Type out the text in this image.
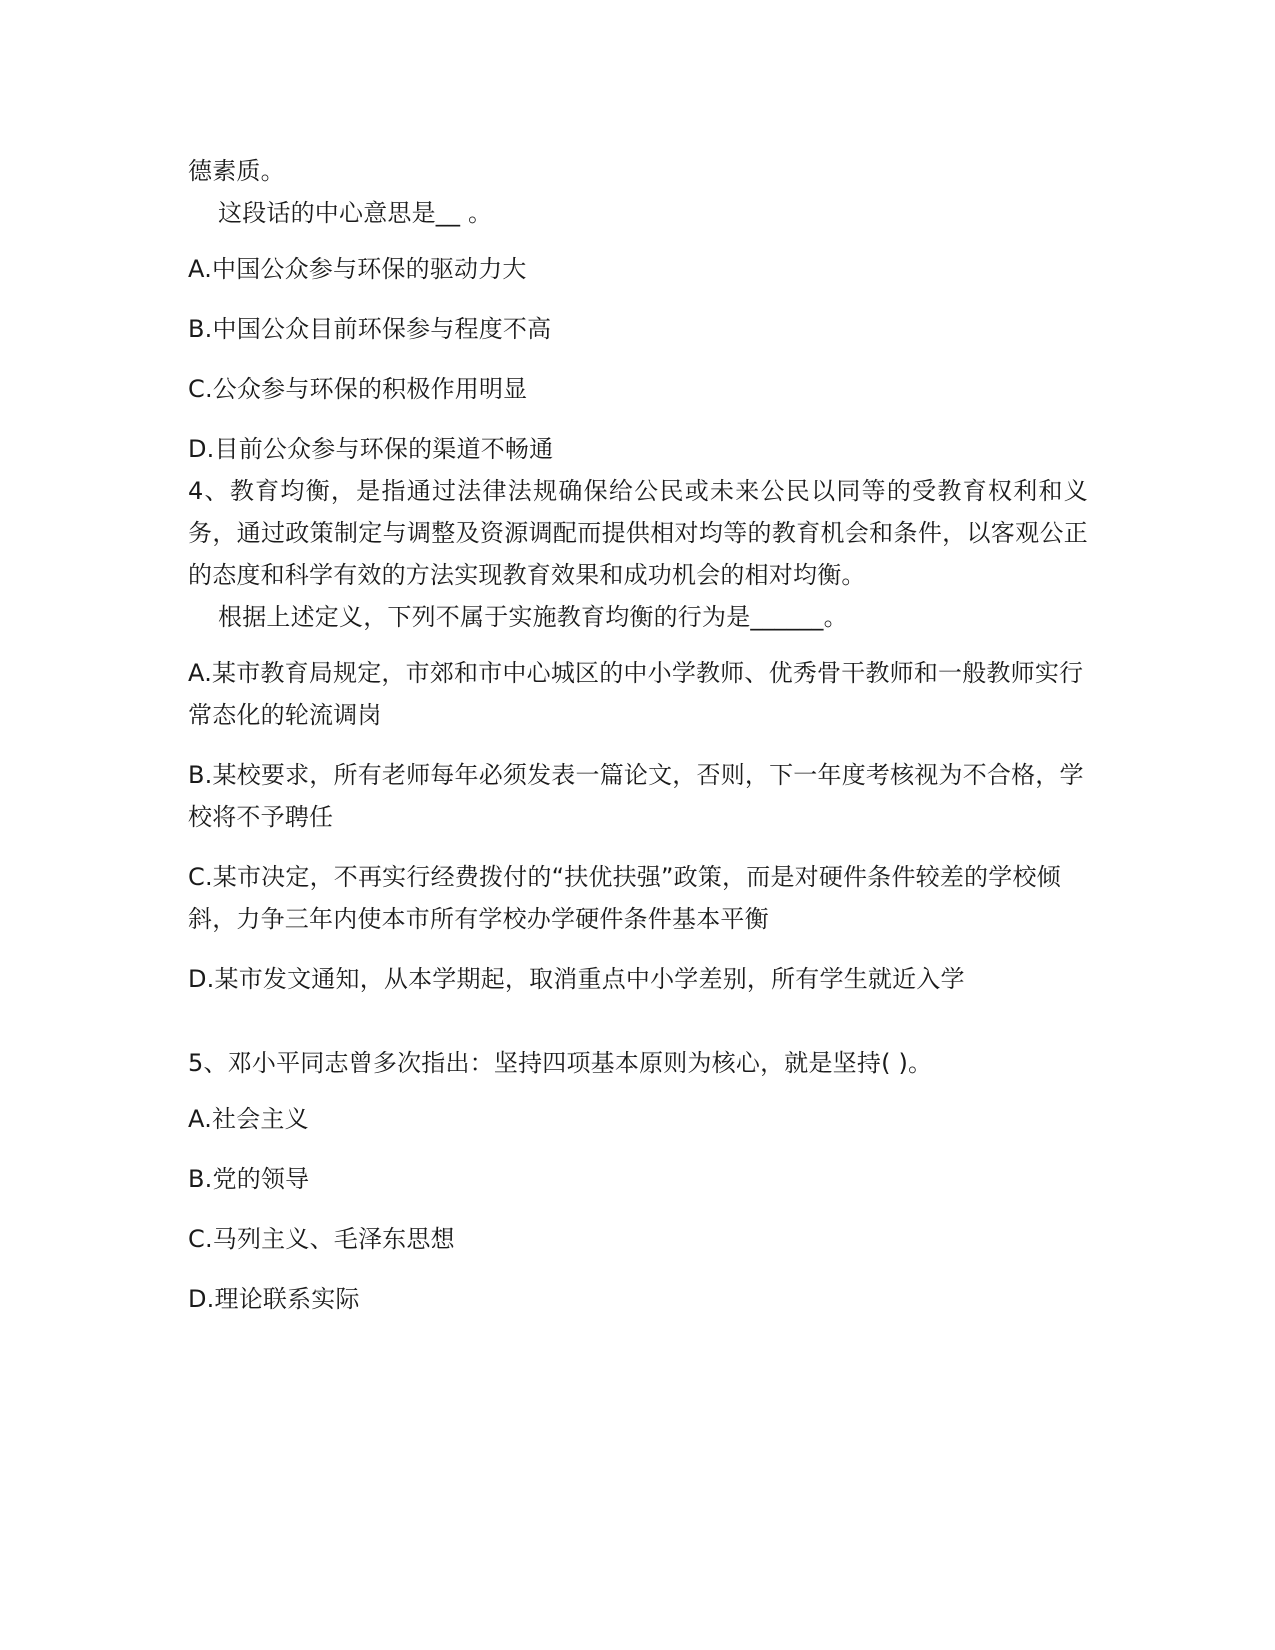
德素质。

这段话的中心意思是__ 。

A.中国公众参与环保的驱动力大

B.中国公众目前环保参与程度不高

C.公众参与环保的积极作用明显

D.目前公众参与环保的渠道不畅通

4、教育均衡，是指通过法律法规确保给公民或未来公民以同等的受教育权利和义务，通过政策制定与调整及资源调配而提供相对均等的教育机会和条件，以客观公正的态度和科学有效的方法实现教育效果和成功机会的相对均衡。

根据上述定义，下列不属于实施教育均衡的行为是______。

A.某市教育局规定，市郊和市中心城区的中小学教师、优秀骨干教师和一般教师实行常态化的轮流调岗

B.某校要求，所有老师每年必须发表一篇论文，否则，下一年度考核视为不合格，学校将不予聘任

C.某市决定，不再实行经费拨付的“扶优扶强”政策，而是对硬件条件较差的学校倾斜，力争三年内使本市所有学校办学硬件条件基本平衡

D.某市发文通知，从本学期起，取消重点中小学差别，所有学生就近入学

5、邓小平同志曾多次指出：坚持四项基本原则为核心，就是坚持( )。

A.社会主义

B.党的领导

C.马列主义、毛泽东思想

D.理论联系实际
